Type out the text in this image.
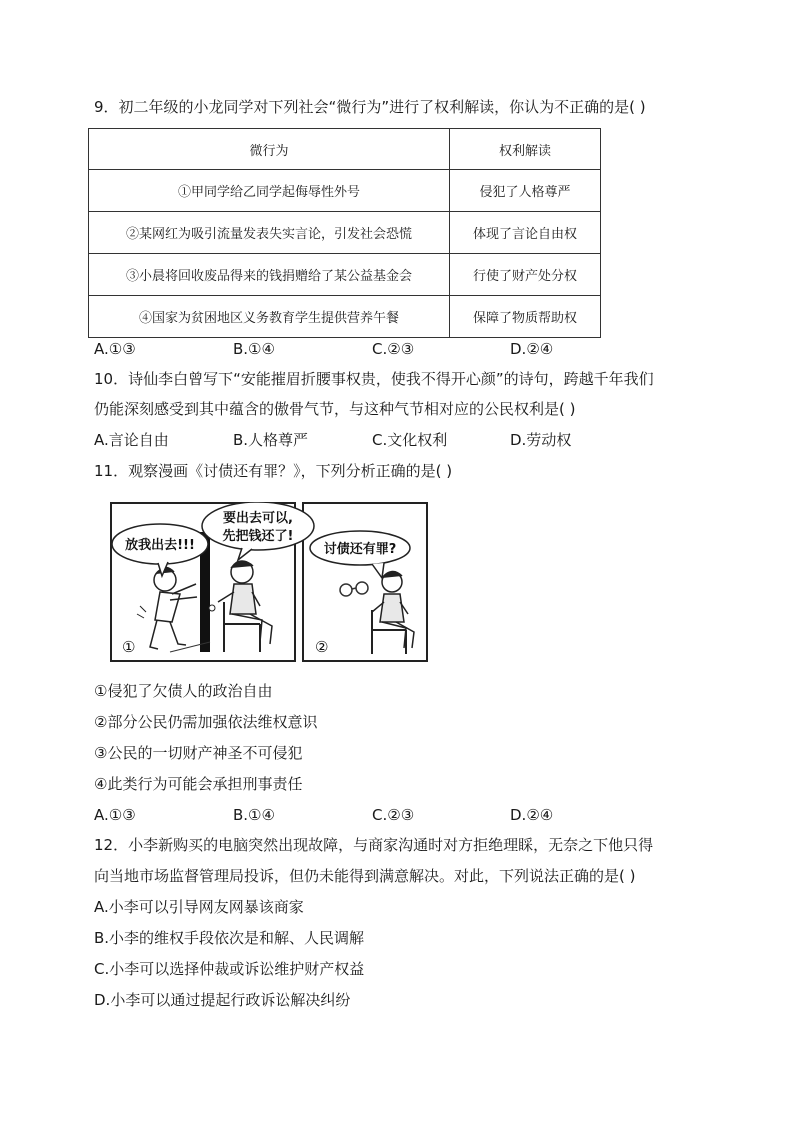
9．初二年级的小龙同学对下列社会“微行为”进行了权利解读，你认为不正确的是( )
微行为	权利解读
①甲同学给乙同学起侮辱性外号	侵犯了人格尊严
②某网红为吸引流量发表失实言论，引发社会恐慌	体现了言论自由权
③小晨将回收废品得来的钱捐赠给了某公益基金会	行使了财产处分权
④国家为贫困地区义务教育学生提供营养午餐	保障了物质帮助权
A.①③	B.①④	C.②③	D.②④
10．诗仙李白曾写下“安能摧眉折腰事权贵，使我不得开心颜”的诗句，跨越千年我们
仍能深刻感受到其中蕴含的傲骨气节，与这种气节相对应的公民权利是( )
A.言论自由	B.人格尊严	C.文化权利	D.劳动权
11．观察漫画《讨债还有罪？》，下列分析正确的是( )
放我出去!!!
要出去可以,
先把钱还了!
讨债还有罪?
①	②
①侵犯了欠债人的政治自由
②部分公民仍需加强依法维权意识
③公民的一切财产神圣不可侵犯
④此类行为可能会承担刑事责任
A.①③	B.①④	C.②③	D.②④
12．小李新购买的电脑突然出现故障，与商家沟通时对方拒绝理睬，无奈之下他只得
向当地市场监督管理局投诉，但仍未能得到满意解决。对此，下列说法正确的是( )
A.小李可以引导网友网暴该商家
B.小李的维权手段依次是和解、人民调解
C.小李可以选择仲裁或诉讼维护财产权益
D.小李可以通过提起行政诉讼解决纠纷
